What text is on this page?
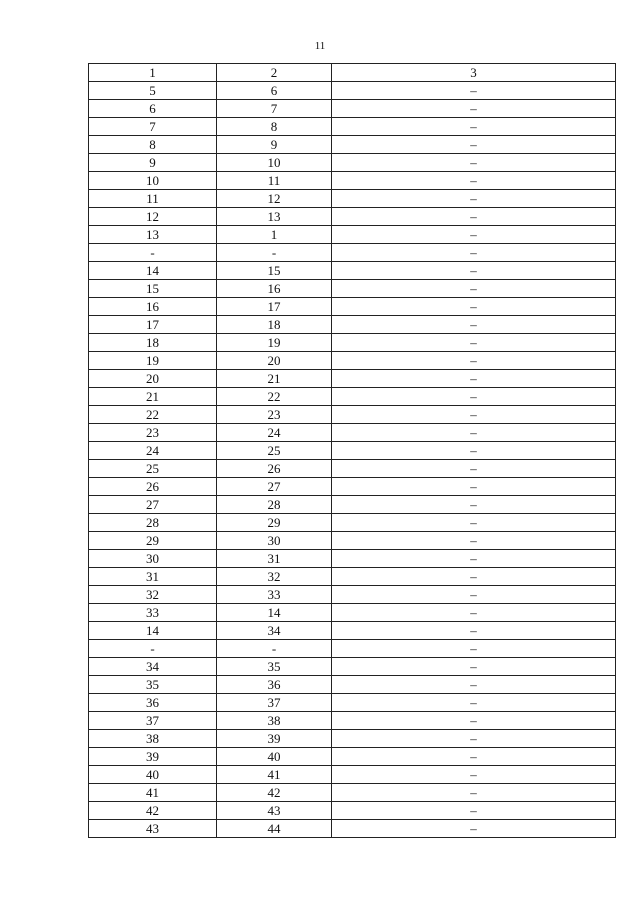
11
1	2	3
5	6	–
6	7	–
7	8	–
8	9	–
9	10	–
10	11	–
11	12	–
12	13	–
13	1	–
-	-	–
14	15	–
15	16	–
16	17	–
17	18	–
18	19	–
19	20	–
20	21	–
21	22	–
22	23	–
23	24	–
24	25	–
25	26	–
26	27	–
27	28	–
28	29	–
29	30	–
30	31	–
31	32	–
32	33	–
33	14	–
14	34	–
-	-	–
34	35	–
35	36	–
36	37	–
37	38	–
38	39	–
39	40	–
40	41	–
41	42	–
42	43	–
43	44	–
